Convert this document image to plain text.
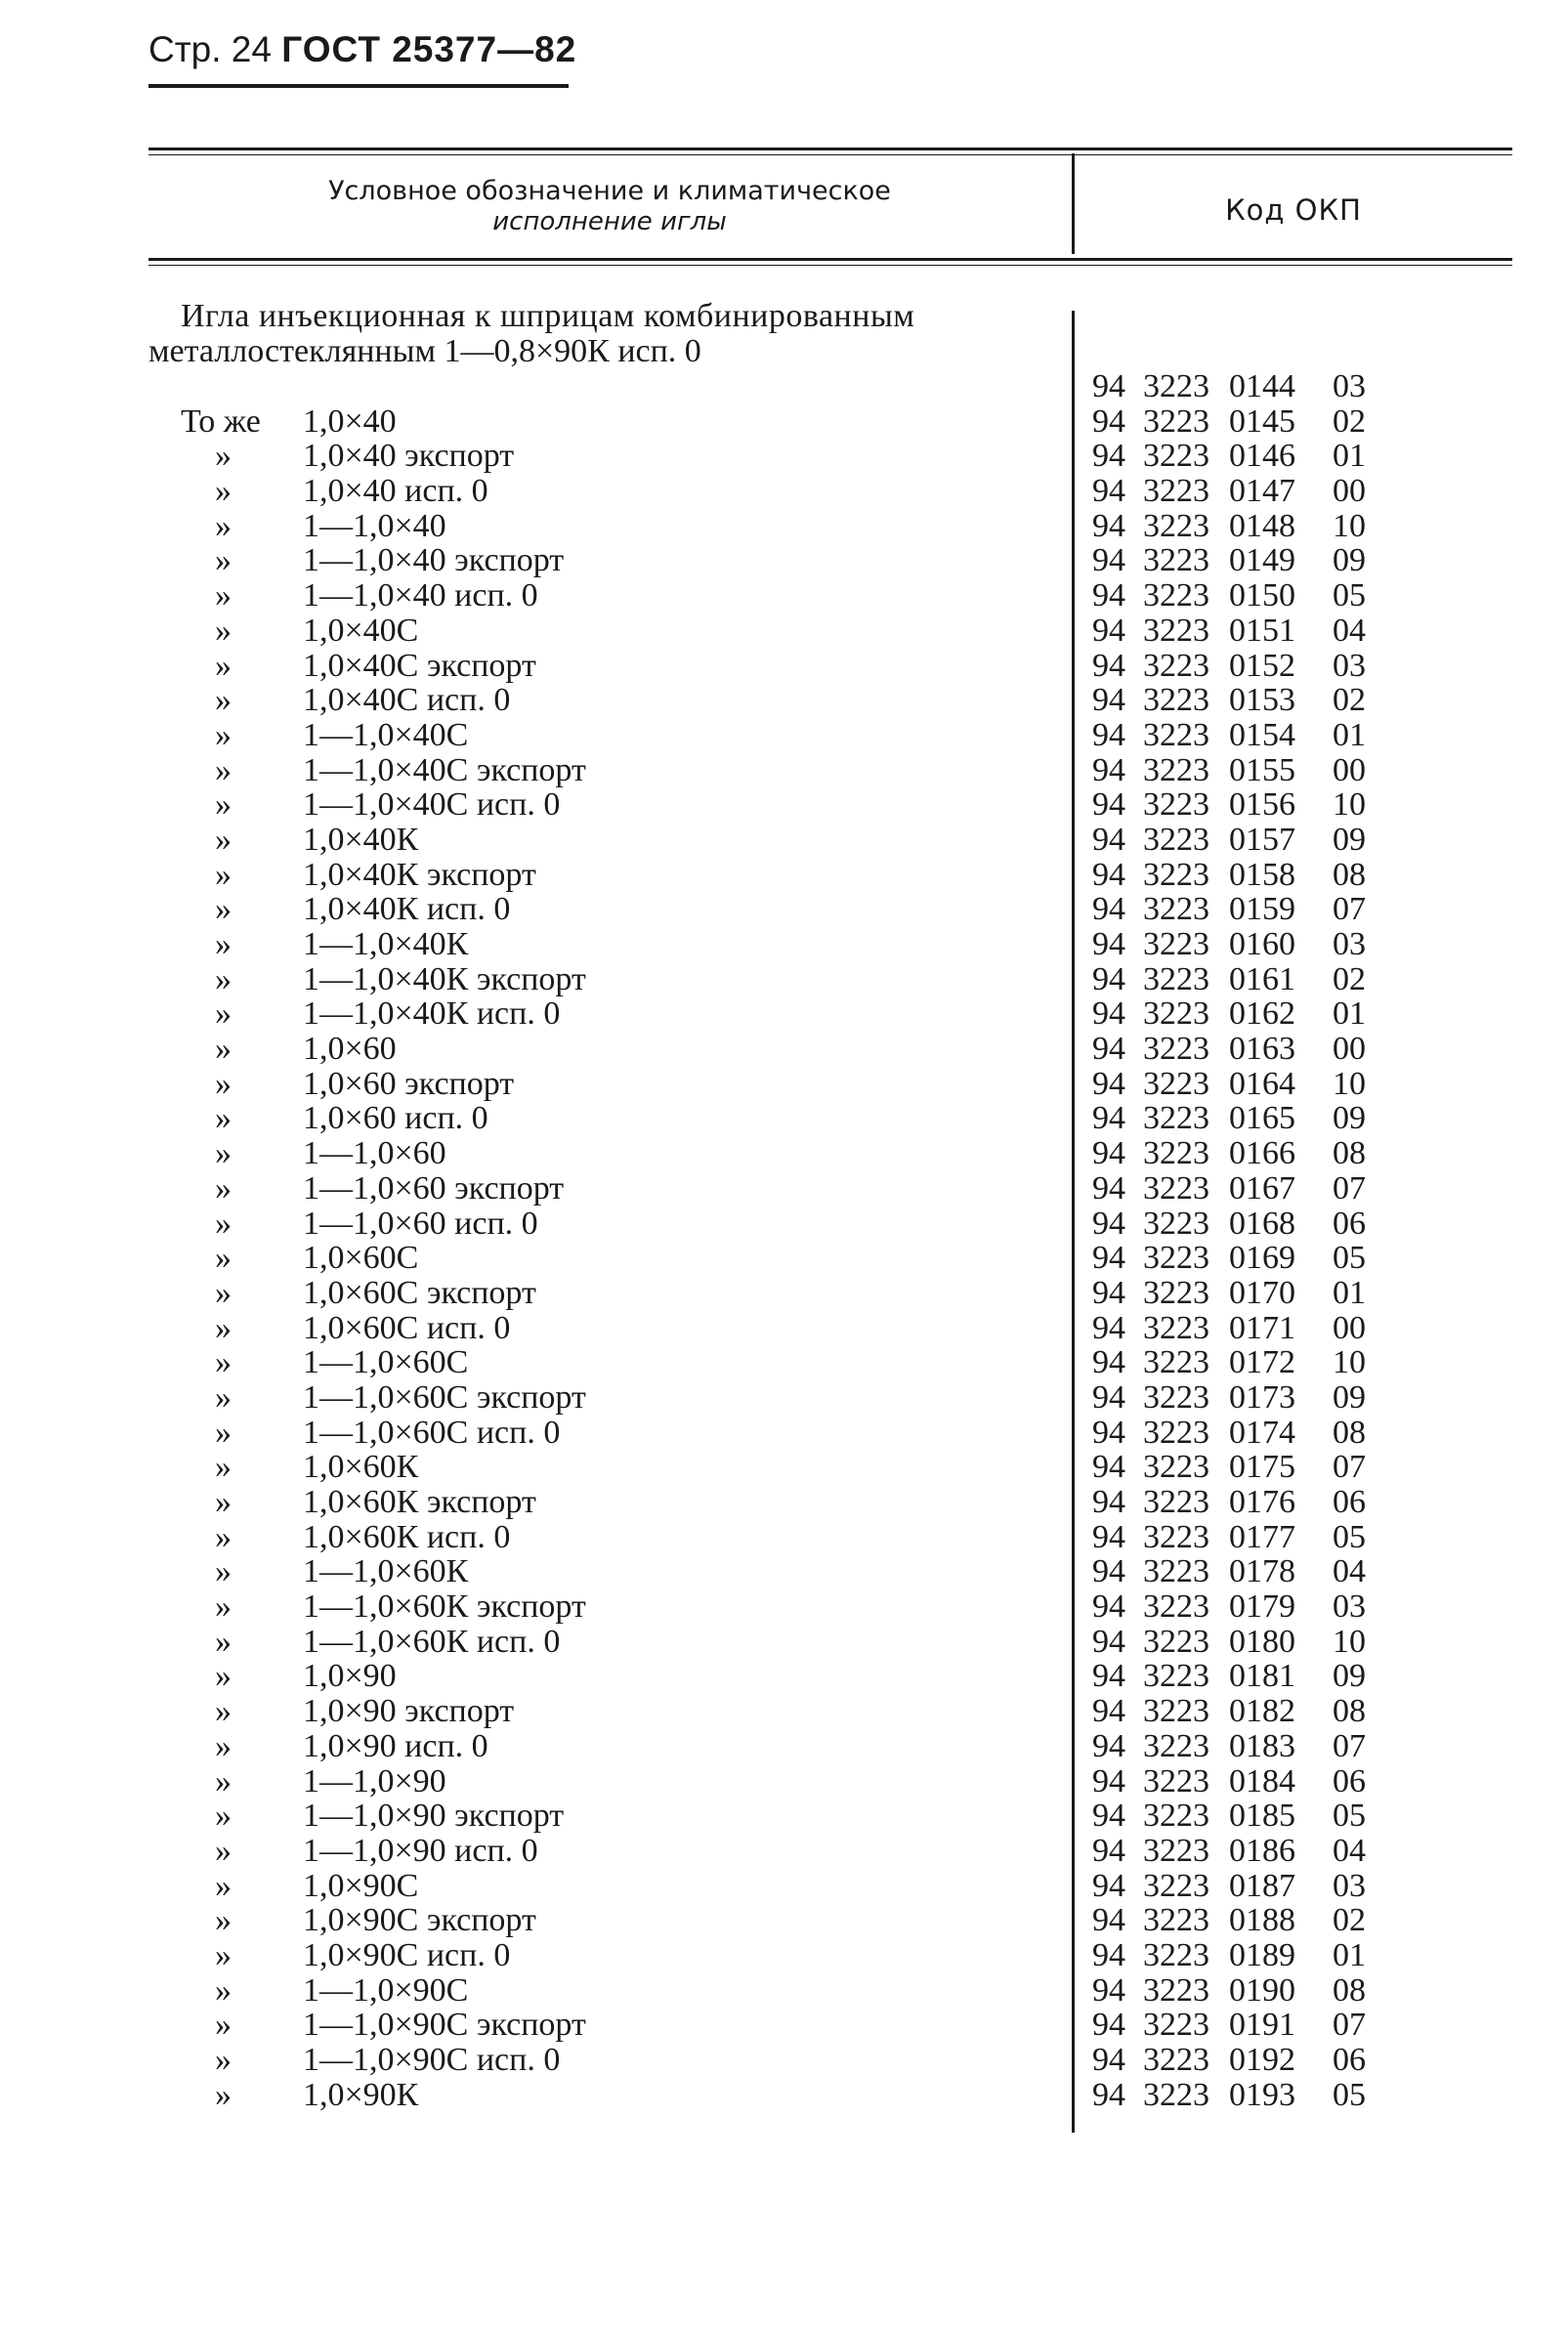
Стр. 24 ГОСТ 25377—82
Условное обозначение и климатическое
исполнение иглы	Код ОКП
Игла инъекционная к шприцам комбинированным
металлостеклянным 1—0,8×90К исп. 0
94 3223 0144 03
То же 1,0×40	94 3223 0145 02
»	1,0×40 экспорт	94 3223 0146 01
»	1,0×40 исп. 0	94 3223 0147 00
»	1—1,0×40	94 3223 0148 10
»	1—1,0×40 экспорт	94 3223 0149 09
»	1—1,0×40 исп. 0	94 3223 0150 05
»	1,0×40С	94 3223 0151 04
»	1,0×40С экспорт	94 3223 0152 03
»	1,0×40С исп. 0	94 3223 0153 02
»	1—1,0×40С	94 3223 0154 01
»	1—1,0×40С экспорт	94 3223 0155 00
»	1—1,0×40С исп. 0	94 3223 0156 10
»	1,0×40К	94 3223 0157 09
»	1,0×40К экспорт	94 3223 0158 08
»	1,0×40К исп. 0	94 3223 0159 07
»	1—1,0×40К	94 3223 0160 03
»	1—1,0×40К экспорт	94 3223 0161 02
»	1—1,0×40К исп. 0	94 3223 0162 01
»	1,0×60	94 3223 0163 00
»	1,0×60 экспорт	94 3223 0164 10
»	1,0×60 исп. 0	94 3223 0165 09
»	1—1,0×60	94 3223 0166 08
»	1—1,0×60 экспорт	94 3223 0167 07
»	1—1,0×60 исп. 0	94 3223 0168 06
»	1,0×60С	94 3223 0169 05
»	1,0×60С экспорт	94 3223 0170 01
»	1,0×60С исп. 0	94 3223 0171 00
»	1—1,0×60С	94 3223 0172 10
»	1—1,0×60С экспорт	94 3223 0173 09
»	1—1,0×60С исп. 0	94 3223 0174 08
»	1,0×60К	94 3223 0175 07
»	1,0×60К экспорт	94 3223 0176 06
»	1,0×60К исп. 0	94 3223 0177 05
»	1—1,0×60К	94 3223 0178 04
»	1—1,0×60К экспорт	94 3223 0179 03
»	1—1,0×60К исп. 0	94 3223 0180 10
»	1,0×90	94 3223 0181 09
»	1,0×90 экспорт	94 3223 0182 08
»	1,0×90 исп. 0	94 3223 0183 07
»	1—1,0×90	94 3223 0184 06
»	1—1,0×90 экспорт	94 3223 0185 05
»	1—1,0×90 исп. 0	94 3223 0186 04
»	1,0×90С	94 3223 0187 03
»	1,0×90С экспорт	94 3223 0188 02
»	1,0×90С исп. 0	94 3223 0189 01
»	1—1,0×90С	94 3223 0190 08
»	1—1,0×90С экспорт	94 3223 0191 07
»	1—1,0×90С исп. 0	94 3223 0192 06
»	1,0×90К	94 3223 0193 05
